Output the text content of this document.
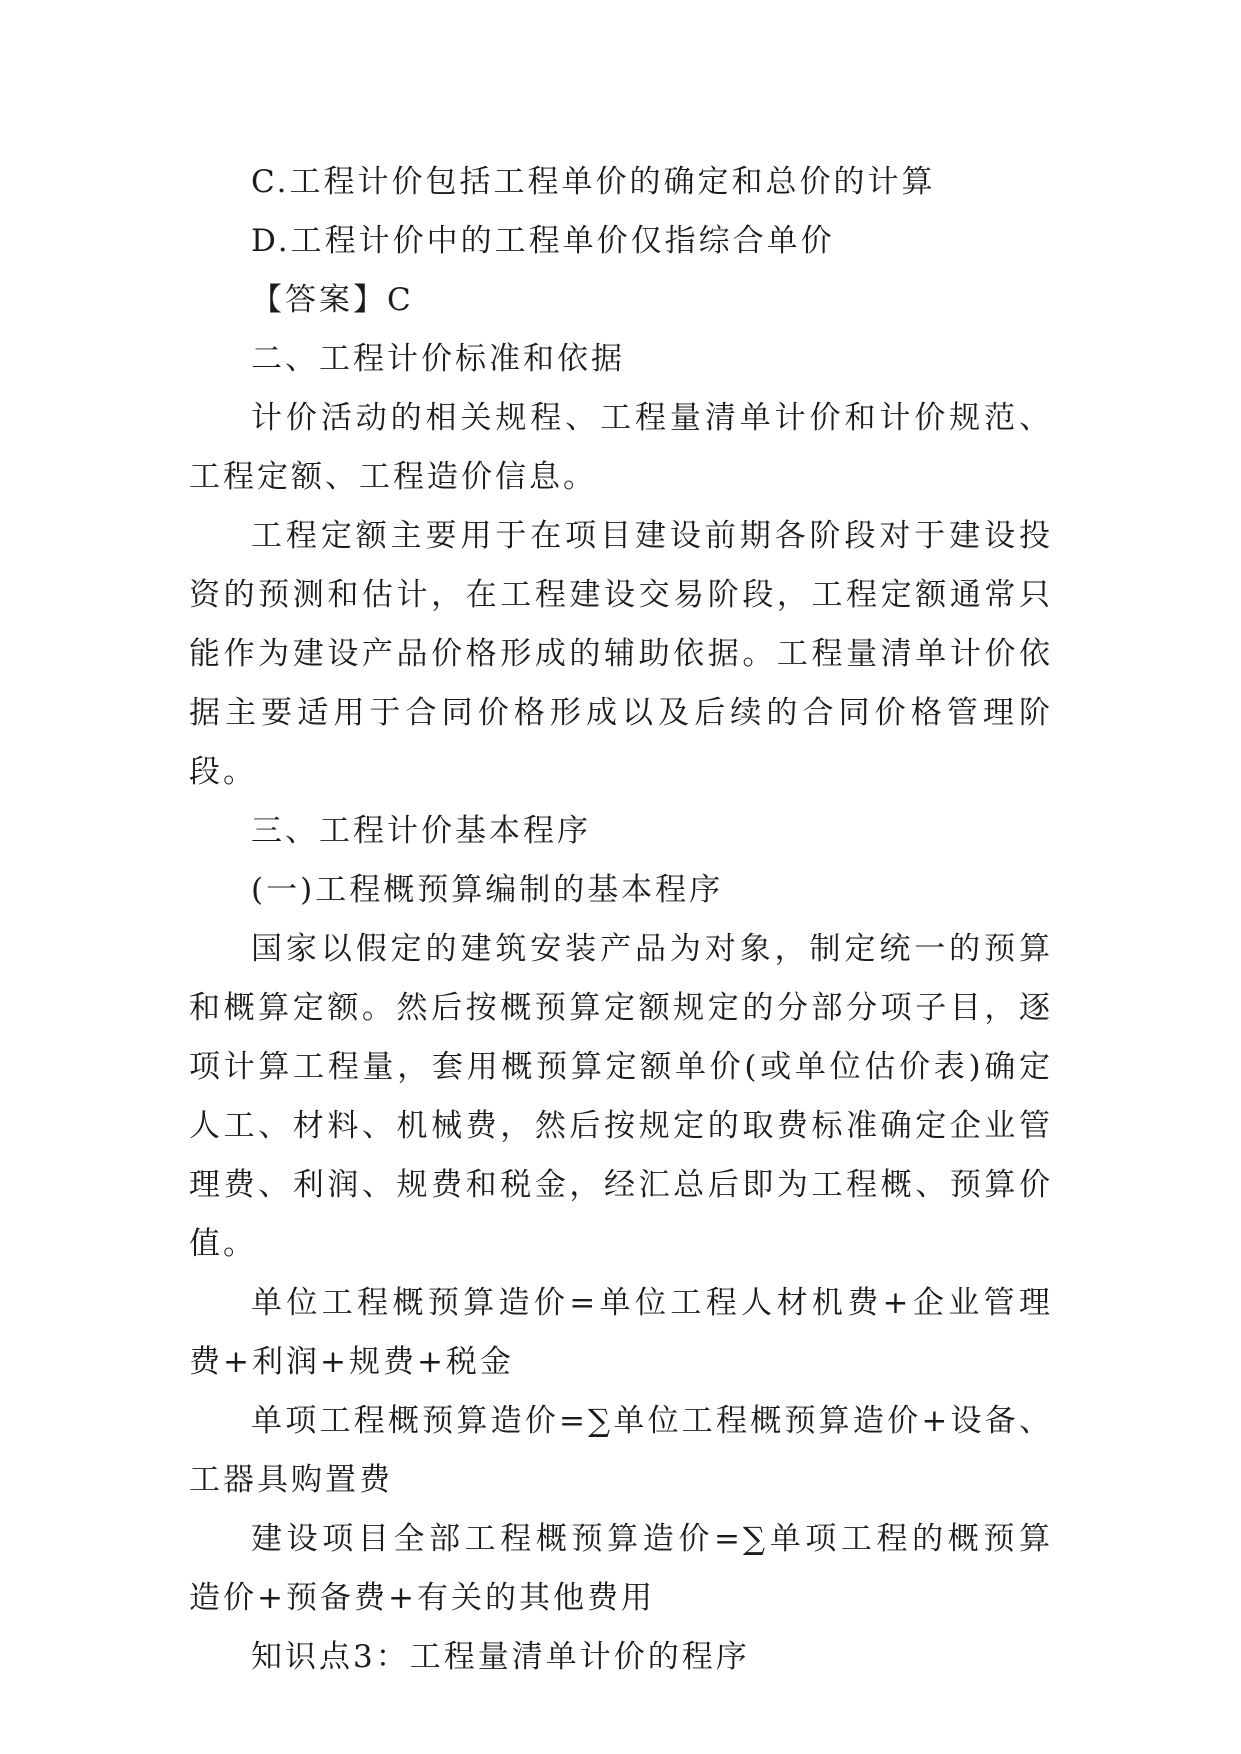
C.工程计价包括工程单价的确定和总价的计算

D.工程计价中的工程单价仅指综合单价

【答案】C

二、工程计价标准和依据

计价活动的相关规程、工程量清单计价和计价规范、工程定额、工程造价信息。

工程定额主要用于在项目建设前期各阶段对于建设投资的预测和估计，在工程建设交易阶段，工程定额通常只能作为建设产品价格形成的辅助依据。工程量清单计价依据主要适用于合同价格形成以及后续的合同价格管理阶段。

三、工程计价基本程序

(一)工程概预算编制的基本程序

国家以假定的建筑安装产品为对象，制定统一的预算和概算定额。然后按概预算定额规定的分部分项子目，逐项计算工程量，套用概预算定额单价(或单位估价表)确定人工、材料、机械费，然后按规定的取费标准确定企业管理费、利润、规费和税金，经汇总后即为工程概、预算价值。

单位工程概预算造价=单位工程人材机费+企业管理费+利润+规费+税金

单项工程概预算造价=∑单位工程概预算造价+设备、工器具购置费

建设项目全部工程概预算造价=∑单项工程的概预算造价+预备费+有关的其他费用

知识点3：工程量清单计价的程序
